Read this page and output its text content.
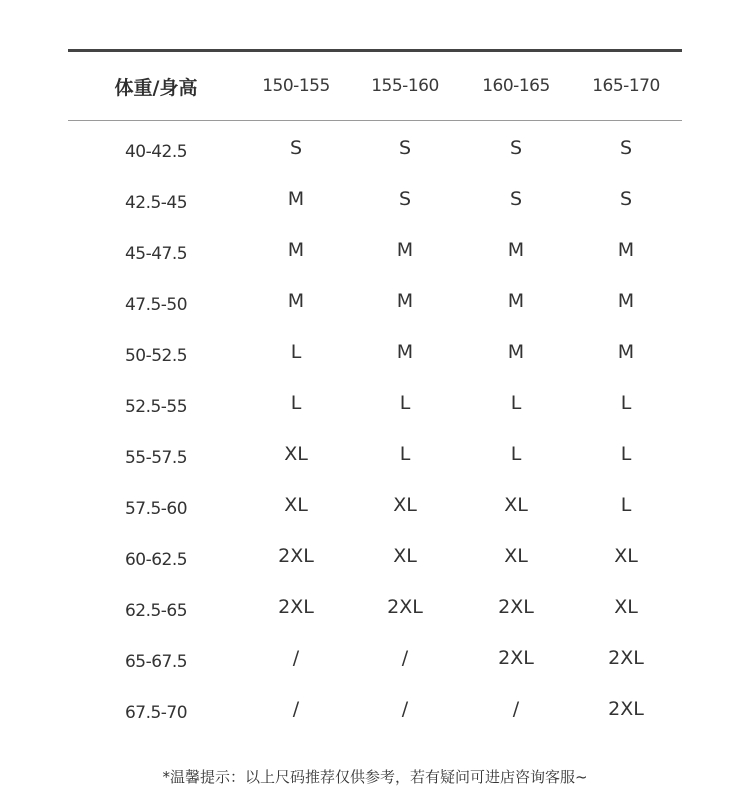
体重/身高	150-155	155-160	160-165	165-170
40-42.5	S	S	S	S
42.5-45	M	S	S	S
45-47.5	M	M	M	M
47.5-50	M	M	M	M
50-52.5	L	M	M	M
52.5-55	L	L	L	L
55-57.5	XL	L	L	L
57.5-60	XL	XL	XL	L
60-62.5	2XL	XL	XL	XL
62.5-65	2XL	2XL	2XL	XL
65-67.5	/	/	2XL	2XL
67.5-70	/	/	/	2XL
*温馨提示：以上尺码推荐仅供参考，若有疑问可进店咨询客服~
